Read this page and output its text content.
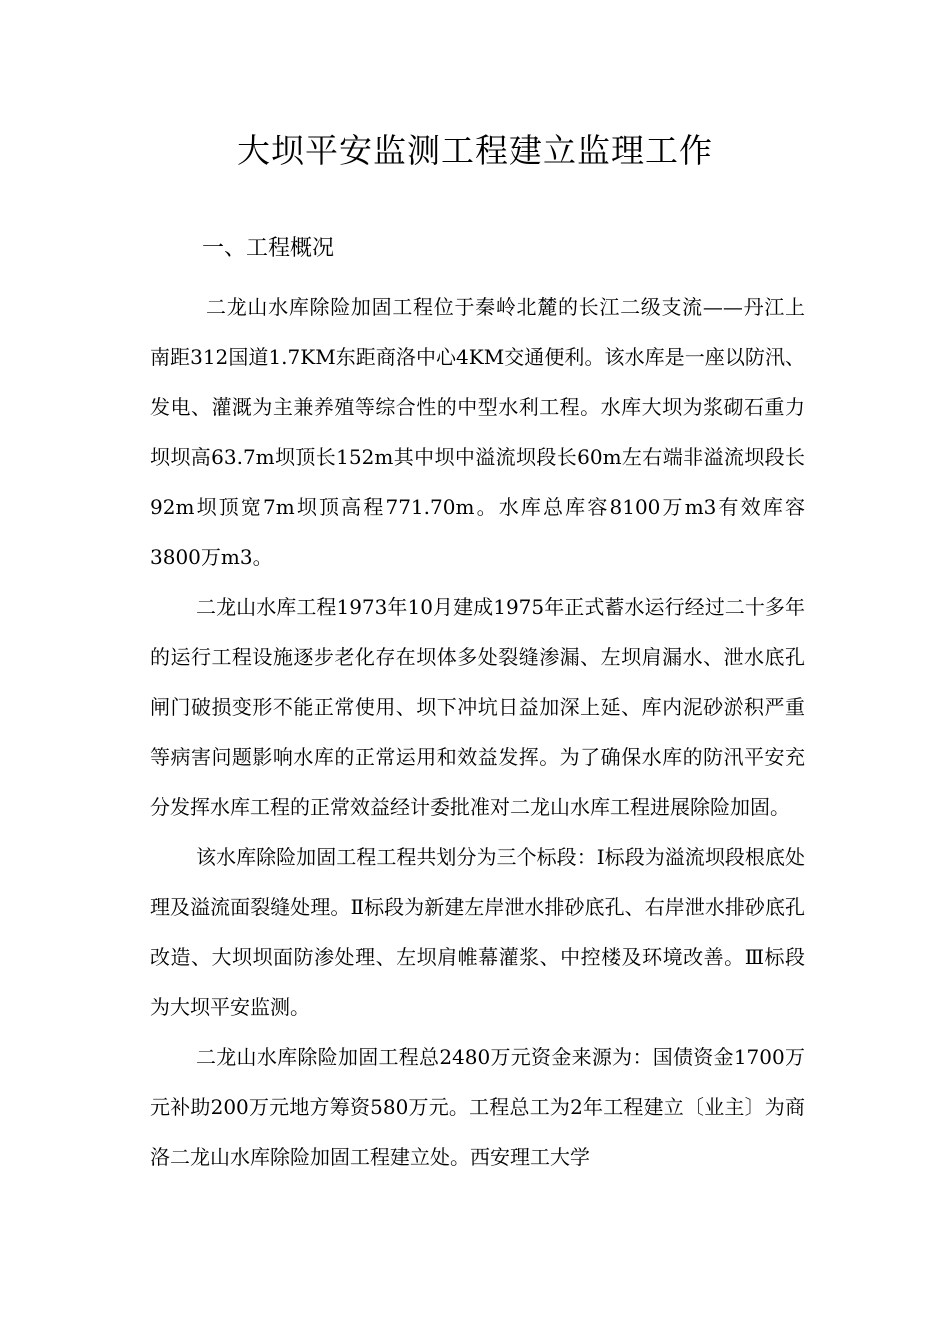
大坝平安监测工程建立监理工作
一、工程概况

二龙山水库除险加固工程位于秦岭北麓的长江二级支流——丹江上南距312国道1.7KM东距商洛中心4KM交通便利。该水库是一座以防汛、发电、灌溉为主兼养殖等综合性的中型水利工程。水库大坝为浆砌石重力坝坝高63.7m坝顶长152m其中坝中溢流坝段长60m左右端非溢流坝段长92m坝顶宽7m坝顶高程771.70m。水库总库容8100万m3有效库容3800万m3。

二龙山水库工程1973年10月建成1975年正式蓄水运行经过二十多年的运行工程设施逐步老化存在坝体多处裂缝渗漏、左坝肩漏水、泄水底孔闸门破损变形不能正常使用、坝下冲坑日益加深上延、库内泥砂淤积严重等病害问题影响水库的正常运用和效益发挥。为了确保水库的防汛平安充分发挥水库工程的正常效益经计委批准对二龙山水库工程进展除险加固。

该水库除险加固工程工程共划分为三个标段：Ⅰ标段为溢流坝段根底处理及溢流面裂缝处理。Ⅱ标段为新建左岸泄水排砂底孔、右岸泄水排砂底孔改造、大坝坝面防渗处理、左坝肩帷幕灌浆、中控楼及环境改善。Ⅲ标段为大坝平安监测。

二龙山水库除险加固工程总2480万元资金来源为：国债资金1700万元补助200万元地方筹资580万元。工程总工为2年工程建立〔业主〕为商洛二龙山水库除险加固工程建立处。西安理工大学
